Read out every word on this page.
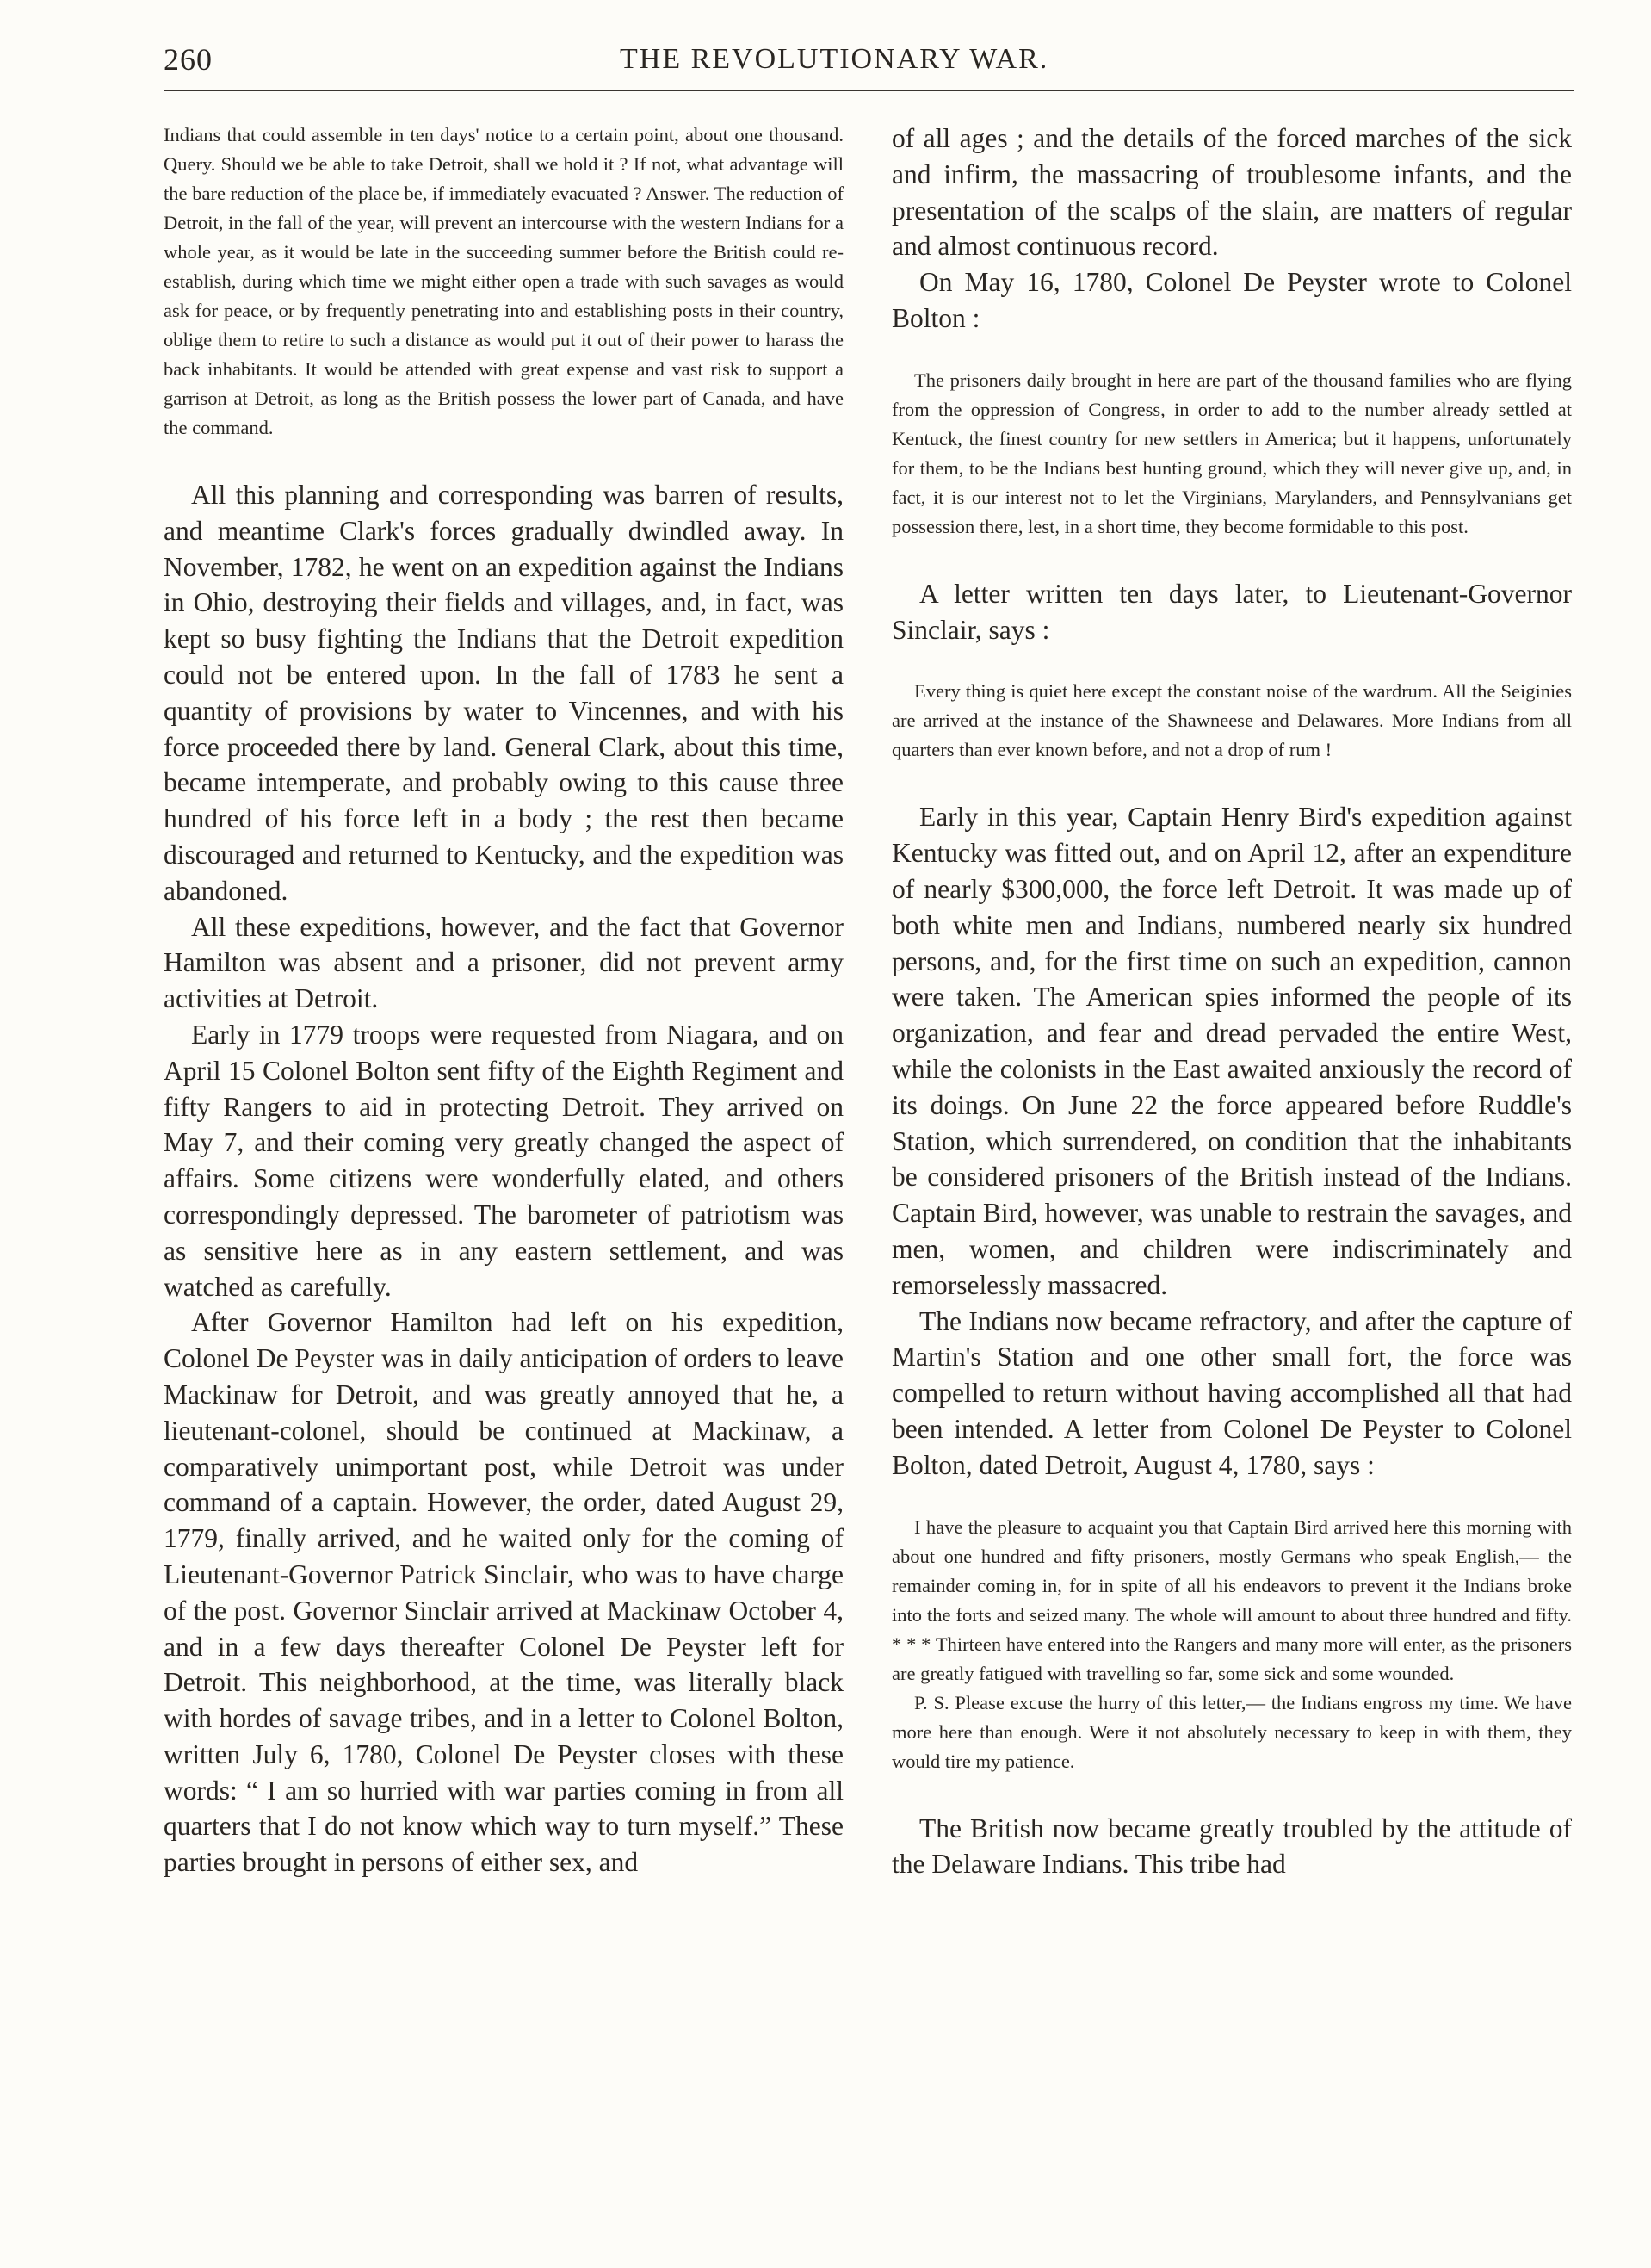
260	THE REVOLUTIONARY WAR.

Indians that could assemble in ten days' notice to a certain point, about one thousand. Query. Should we be able to take Detroit, shall we hold it ? If not, what advantage will the bare reduction of the place be, if immediately evacuated ? Answer. The reduction of Detroit, in the fall of the year, will prevent an intercourse with the western Indians for a whole year, as it would be late in the succeeding summer before the British could re-establish, during which time we might either open a trade with such savages as would ask for peace, or by frequently penetrating into and establishing posts in their country, oblige them to retire to such a distance as would put it out of their power to harass the back inhabitants. It would be attended with great expense and vast risk to support a garrison at Detroit, as long as the British possess the lower part of Canada, and have the command.

All this planning and corresponding was barren of results, and meantime Clark's forces gradually dwindled away. In November, 1782, he went on an expedition against the Indians in Ohio, destroying their fields and villages, and, in fact, was kept so busy fighting the Indians that the Detroit expedition could not be entered upon. In the fall of 1783 he sent a quantity of provisions by water to Vincennes, and with his force proceeded there by land. General Clark, about this time, became intemperate, and probably owing to this cause three hundred of his force left in a body ; the rest then became discouraged and returned to Kentucky, and the expedition was abandoned.

All these expeditions, however, and the fact that Governor Hamilton was absent and a prisoner, did not prevent army activities at Detroit.

Early in 1779 troops were requested from Niagara, and on April 15 Colonel Bolton sent fifty of the Eighth Regiment and fifty Rangers to aid in protecting Detroit. They arrived on May 7, and their coming very greatly changed the aspect of affairs. Some citizens were wonderfully elated, and others correspondingly depressed. The barometer of patriotism was as sensitive here as in any eastern settlement, and was watched as carefully.

After Governor Hamilton had left on his expedition, Colonel De Peyster was in daily anticipation of orders to leave Mackinaw for Detroit, and was greatly annoyed that he, a lieutenant-colonel, should be continued at Mackinaw, a comparatively unimportant post, while Detroit was under command of a captain. However, the order, dated August 29, 1779, finally arrived, and he waited only for the coming of Lieutenant-Governor Patrick Sinclair, who was to have charge of the post. Governor Sinclair arrived at Mackinaw October 4, and in a few days thereafter Colonel De Peyster left for Detroit. This neighborhood, at the time, was literally black with hordes of savage tribes, and in a letter to Colonel Bolton, written July 6, 1780, Colonel De Peyster closes with these words: “ I am so hurried with war parties coming in from all quarters that I do not know which way to turn myself.” These parties brought in persons of either sex, and

of all ages ; and the details of the forced marches of the sick and infirm, the massacring of troublesome infants, and the presentation of the scalps of the slain, are matters of regular and almost continuous record.

On May 16, 1780, Colonel De Peyster wrote to Colonel Bolton :

The prisoners daily brought in here are part of the thousand families who are flying from the oppression of Congress, in order to add to the number already settled at Kentuck, the finest country for new settlers in America; but it happens, unfortunately for them, to be the Indians best hunting ground, which they will never give up, and, in fact, it is our interest not to let the Virginians, Marylanders, and Pennsylvanians get possession there, lest, in a short time, they become formidable to this post.

A letter written ten days later, to Lieutenant-Governor Sinclair, says :

Every thing is quiet here except the constant noise of the wardrum. All the Seiginies are arrived at the instance of the Shawneese and Delawares. More Indians from all quarters than ever known before, and not a drop of rum !

Early in this year, Captain Henry Bird's expedition against Kentucky was fitted out, and on April 12, after an expenditure of nearly $300,000, the force left Detroit. It was made up of both white men and Indians, numbered nearly six hundred persons, and, for the first time on such an expedition, cannon were taken. The American spies informed the people of its organization, and fear and dread pervaded the entire West, while the colonists in the East awaited anxiously the record of its doings. On June 22 the force appeared before Ruddle's Station, which surrendered, on condition that the inhabitants be considered prisoners of the British instead of the Indians. Captain Bird, however, was unable to restrain the savages, and men, women, and children were indiscriminately and remorselessly massacred.

The Indians now became refractory, and after the capture of Martin's Station and one other small fort, the force was compelled to return without having accomplished all that had been intended. A letter from Colonel De Peyster to Colonel Bolton, dated Detroit, August 4, 1780, says :

I have the pleasure to acquaint you that Captain Bird arrived here this morning with about one hundred and fifty prisoners, mostly Germans who speak English,— the remainder coming in, for in spite of all his endeavors to prevent it the Indians broke into the forts and seized many. The whole will amount to about three hundred and fifty. * * * Thirteen have entered into the Rangers and many more will enter, as the prisoners are greatly fatigued with travelling so far, some sick and some wounded.

P. S. Please excuse the hurry of this letter,— the Indians engross my time. We have more here than enough. Were it not absolutely necessary to keep in with them, they would tire my patience.

The British now became greatly troubled by the attitude of the Delaware Indians. This tribe had
